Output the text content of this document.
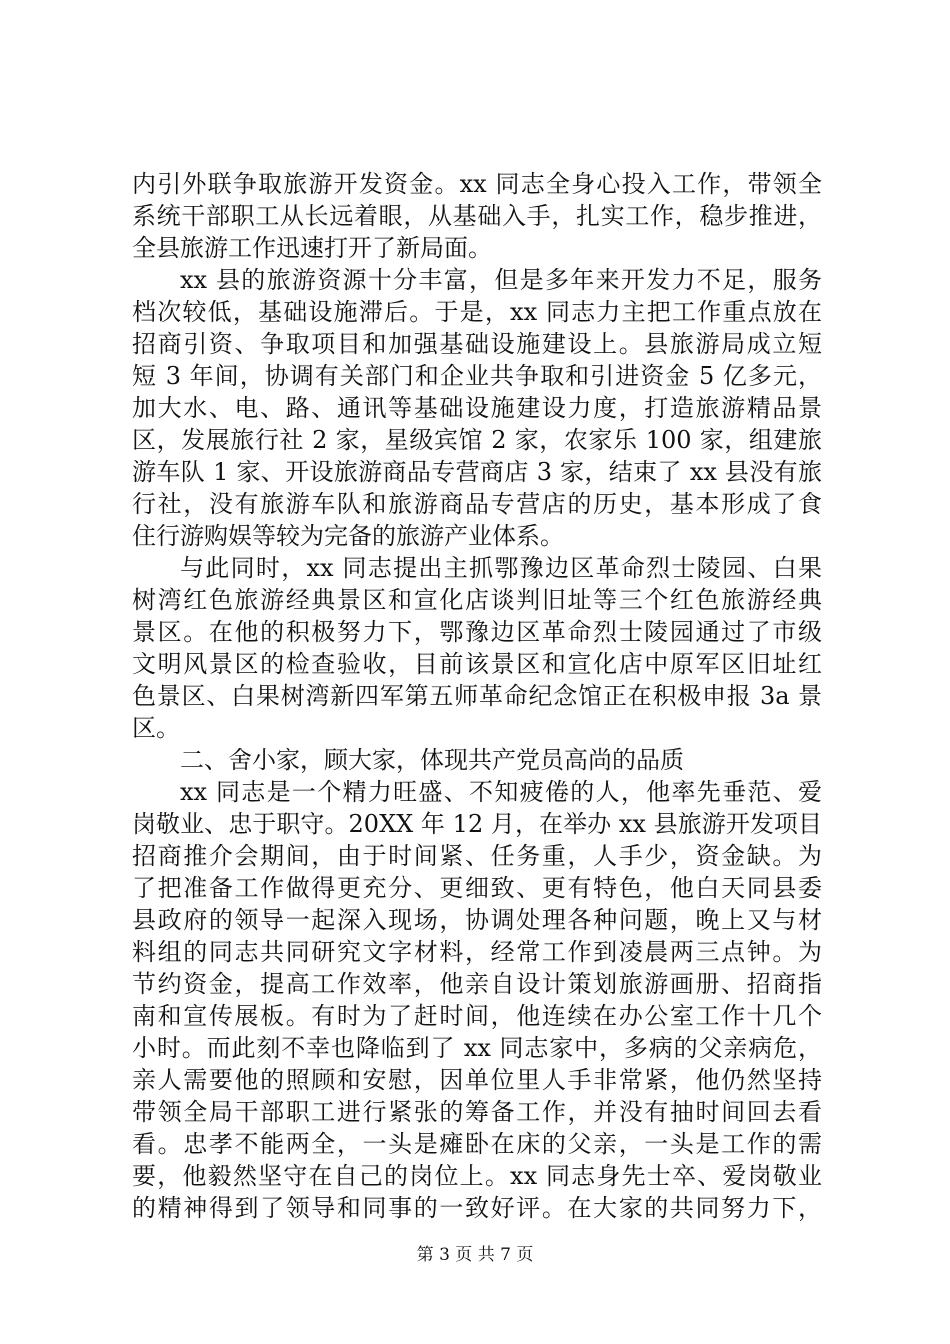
内引外联争取旅游开发资金。xx 同志全身心投入工作，带领全
系统干部职工从长远着眼，从基础入手，扎实工作，稳步推进，
全县旅游工作迅速打开了新局面。
xx 县的旅游资源十分丰富，但是多年来开发力不足，服务
档次较低，基础设施滞后。于是，xx 同志力主把工作重点放在
招商引资、争取项目和加强基础设施建设上。县旅游局成立短
短 3 年间，协调有关部门和企业共争取和引进资金 5 亿多元，
加大水、电、路、通讯等基础设施建设力度，打造旅游精品景
区，发展旅行社 2 家，星级宾馆 2 家，农家乐 100 家，组建旅
游车队 1 家、开设旅游商品专营商店 3 家，结束了 xx 县没有旅
行社，没有旅游车队和旅游商品专营店的历史，基本形成了食
住行游购娱等较为完备的旅游产业体系。
与此同时，xx 同志提出主抓鄂豫边区革命烈士陵园、白果
树湾红色旅游经典景区和宣化店谈判旧址等三个红色旅游经典
景区。在他的积极努力下，鄂豫边区革命烈士陵园通过了市级
文明风景区的检查验收，目前该景区和宣化店中原军区旧址红
色景区、白果树湾新四军第五师革命纪念馆正在积极申报 3a 景
区。
二、舍小家，顾大家，体现共产党员高尚的品质
xx 同志是一个精力旺盛、不知疲倦的人，他率先垂范、爱
岗敬业、忠于职守。20XX 年 12 月，在举办 xx 县旅游开发项目
招商推介会期间，由于时间紧、任务重，人手少，资金缺。为
了把准备工作做得更充分、更细致、更有特色，他白天同县委
县政府的领导一起深入现场，协调处理各种问题，晚上又与材
料组的同志共同研究文字材料，经常工作到凌晨两三点钟。为
节约资金，提高工作效率，他亲自设计策划旅游画册、招商指
南和宣传展板。有时为了赶时间，他连续在办公室工作十几个
小时。而此刻不幸也降临到了 xx 同志家中，多病的父亲病危，
亲人需要他的照顾和安慰，因单位里人手非常紧，他仍然坚持
带领全局干部职工进行紧张的筹备工作，并没有抽时间回去看
看。忠孝不能两全，一头是瘫卧在床的父亲，一头是工作的需
要，他毅然坚守在自己的岗位上。xx 同志身先士卒、爱岗敬业
的精神得到了领导和同事的一致好评。在大家的共同努力下，
第 3 页 共 7 页
